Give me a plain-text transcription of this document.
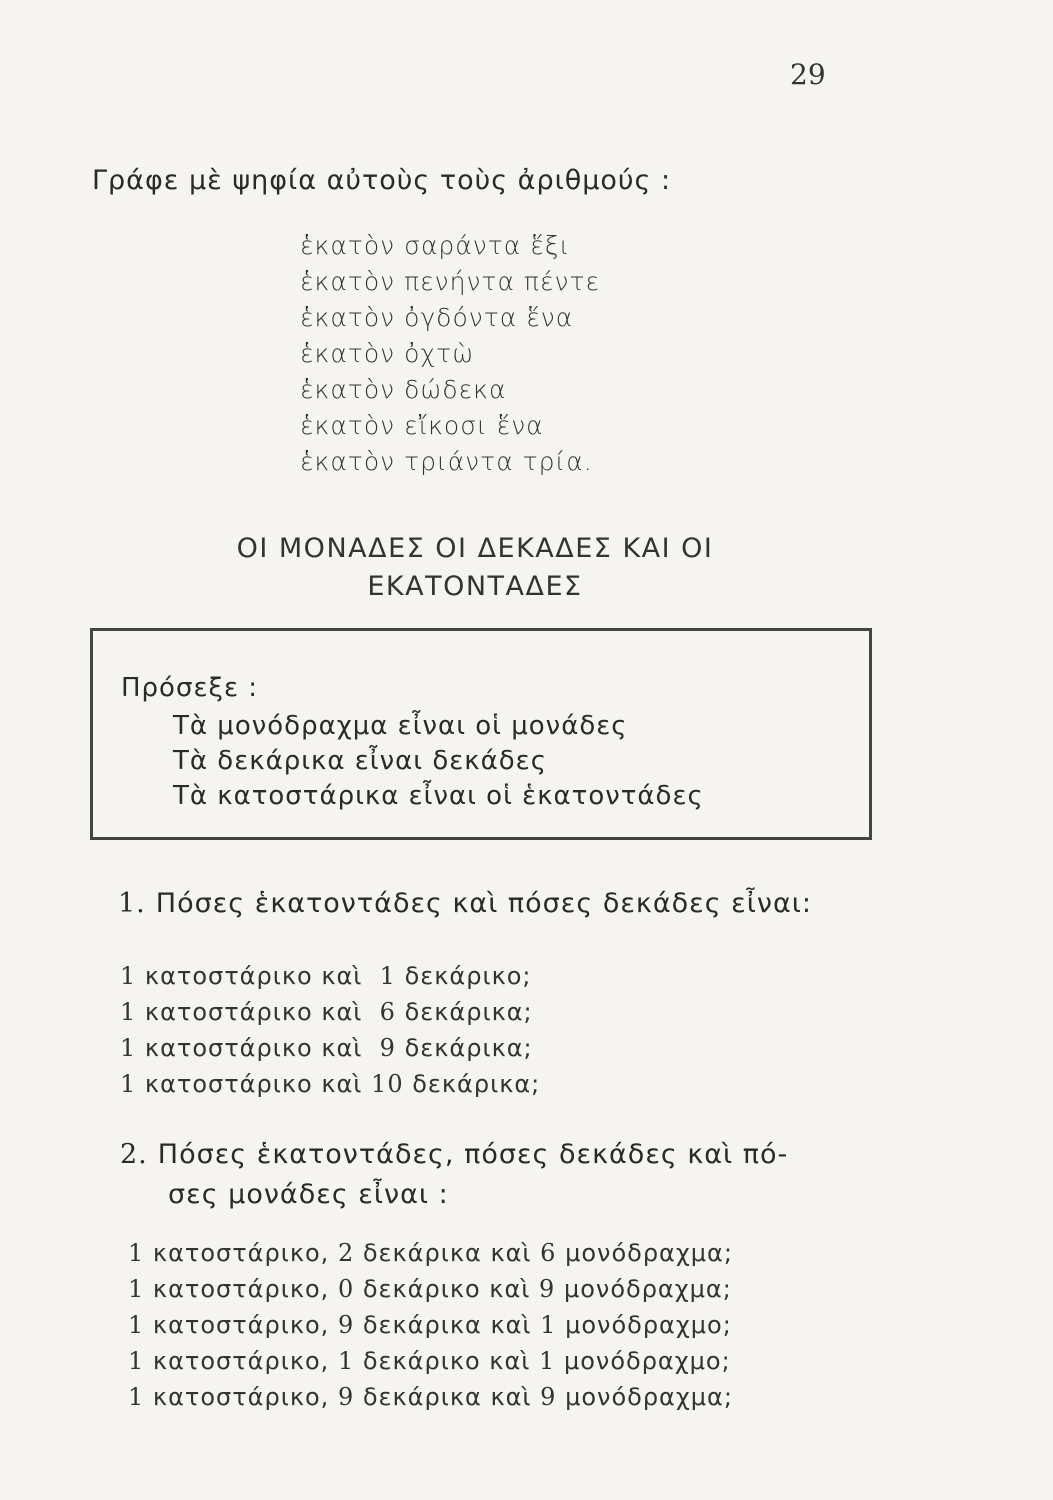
29
Γράφε μὲ ψηφία αὐτοὺς τοὺς ἀριθμούς :
ἑκατὸν σαράντα ἕξι
ἑκατὸν πενήντα πέντε
ἑκατὸν ὀγδόντα ἕνα
ἑκατὸν ὀχτὼ
ἑκατὸν δώδεκα
ἑκατὸν εἴκοσι ἕνα
ἑκατὸν τριάντα τρία.
ΟΙ ΜΟΝΑΔΕΣ ΟΙ ΔΕΚΑΔΕΣ ΚΑΙ ΟΙ
ΕΚΑΤΟΝΤΑΔΕΣ
Πρόσεξε :
Τὰ μονόδραχμα εἶναι οἱ μονάδες
Τὰ δεκάρικα εἶναι δεκάδες
Τὰ κατοστάρικα εἶναι οἱ ἑκατοντάδες
1. Πόσες ἑκατοντάδες καὶ πόσες δεκάδες εἶναι:
1 κατοστάρικο καὶ 1 δεκάρικο;
1 κατοστάρικο καὶ 6 δεκάρικα;
1 κατοστάρικο καὶ 9 δεκάρικα;
1 κατοστάρικο καὶ 10 δεκάρικα;
2. Πόσες ἑκατοντάδες, πόσες δεκάδες καὶ πό-
σες μονάδες εἶναι :
1 κατοστάρικο, 2 δεκάρικα καὶ 6 μονόδραχμα;
1 κατοστάρικο, 0 δεκάρικο καὶ 9 μονόδραχμα;
1 κατοστάρικο, 9 δεκάρικα καὶ 1 μονόδραχμο;
1 κατοστάρικο, 1 δεκάρικο καὶ 1 μονόδραχμο;
1 κατοστάρικο, 9 δεκάρικα καὶ 9 μονόδραχμα;
